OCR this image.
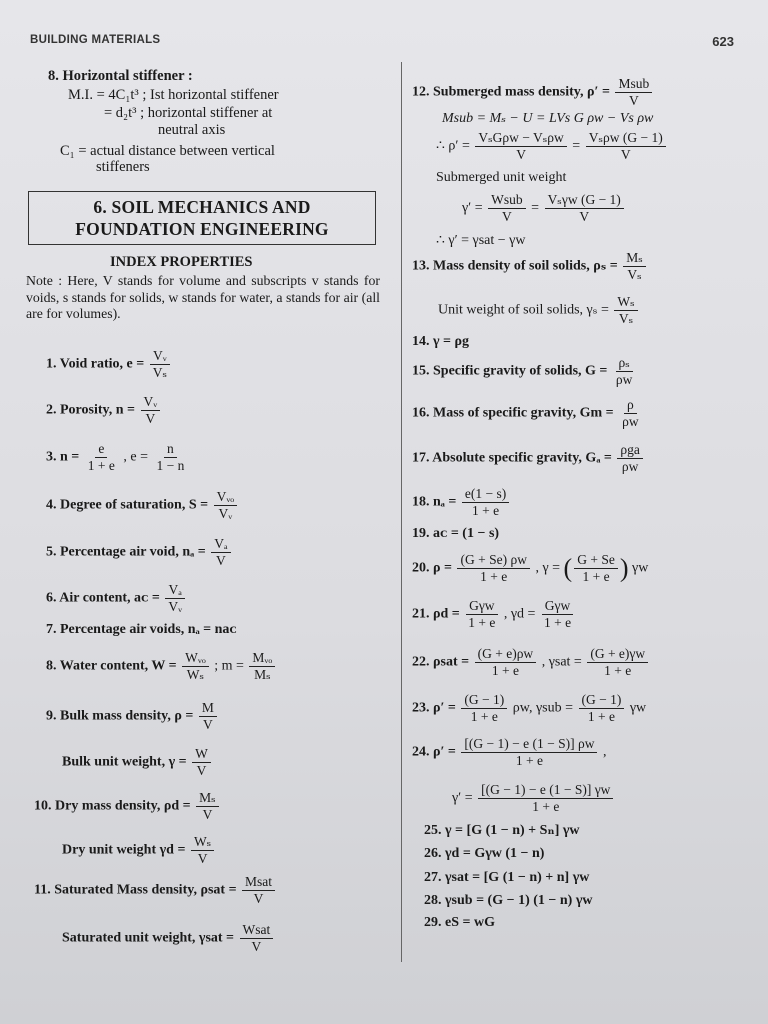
BUILDING MATERIALS	623
8. Horizontal stiffener :
M.I. = 4C₁t³ ; Ist horizontal stiffener
= d₂t³ ; horizontal stiffener at
neutral axis
C₁ = actual distance between vertical
stiffeners
6. SOIL MECHANICS AND
FOUNDATION ENGINEERING
INDEX PROPERTIES
Note : Here, V stands for volume and subscripts v stands for voids, s stands for solids, w stands for water, a stands for air (all are for volumes).
1. Void ratio, $e = \frac{\text{Vᵥ}}{\text{Vₛ}}$
2. Porosity, $n = \frac{\text{Vᵥ}}{V}$
3. $n = \frac{e}{1 + e}$ , $e = \frac{n}{1 - n}$
4. Degree of saturation, $S = \frac{\text{Vᵥₒ}}{\text{Vᵥ}}$
5. Percentage air void, $n_a = \frac{\text{Vₐ}}{V}$
6. Air content, aᴄ = $\frac{\text{Vₐ}}{\text{Vᵥ}}$
7. Percentage air voids, nₐ = naᴄ
8. Water content, $W = \frac{\text{Wᵥₒ}}{\text{Wₛ}}$ ; $m = \frac{\text{Mᵥₒ}}{\text{Mₛ}}$
9. Bulk mass density, $\rho = \frac{M}{V}$
Bulk unit weight, $\gamma = \frac{W}{V}$
10. Dry mass density, $\rho d = \frac{\text{Mₛ}}{V}$
Dry unit weight $\gamma d = \frac{\text{Wₛ}}{V}$
11. Saturated Mass density, $\rho sat = \frac{\text{Msat}}{V}$
Saturated unit weight, $\gamma sat = \frac{\text{Wsat}}{V}$
12. Submerged mass density, $\rho' = \frac{\text{Msub}}{V}$
Msub = Mₛ − U = LVs G ρw − Vs ρw
∴ $\rho' = \frac{\text{VₛGρw − Vₛρw}}{V} = \frac{\text{Vₛρw (G − 1)}}{V}$
Submerged unit weight
$\gamma' = \frac{\text{Wsub}}{V} = \frac{\text{Vₛγw (G − 1)}}{V}$
∴ γ′ = γsat − γw
13. Mass density of soil solids, $\rho_s = \frac{\text{Mₛ}}{\text{Vₛ}}$
Unit weight of soil solids, $\gamma_s = \frac{\text{Wₛ}}{\text{Vₛ}}$
14. γ = ρg
15. Specific gravity of solids, $G = \frac{\text{ρₛ}}{\rho w}$
16. Mass of specific gravity, $Gm = \frac{\rho}{\rho w}$
17. Absolute specific gravity, $G_a = \frac{\text{ρga}}{\rho w}$
18. $n_a = \frac{e(1 - s)}{1 + e}$
19. aᴄ = (1 − s)
20. $\rho = \frac{(G + Se) \rho w}{1 + e}$ , γ = ( $\frac{G + Se}{1 + e}$ ) γw
21. $\rho d = \frac{\text{Gγw}}{1 + e}$ , $\gamma d = \frac{\text{Gγw}}{1 + e}$
22. $\rho sat = \frac{(G + e)\rho w}{1 + e}$ , $\gamma sat = \frac{(G + e)\gamma w}{1 + e}$
23. $\rho' = \frac{(G - 1)}{1 + e} \rho w$, $\gamma sub = \frac{(G - 1)}{1 + e}$ γw
24. $\rho' = \frac{[(G - 1) - e (1 - S)] \rho w}{1 + e}$ ,
$\gamma' = \frac{[(G - 1) - e (1 - S)] \gamma w}{1 + e}$
25. γ = [G (1 − n) + Sₙ] γw
26. γd = Gγw (1 − n)
27. γsat = [G (1 − n) + n] γw
28. γsub = (G − 1) (1 − n) γw
29. eS = wG
